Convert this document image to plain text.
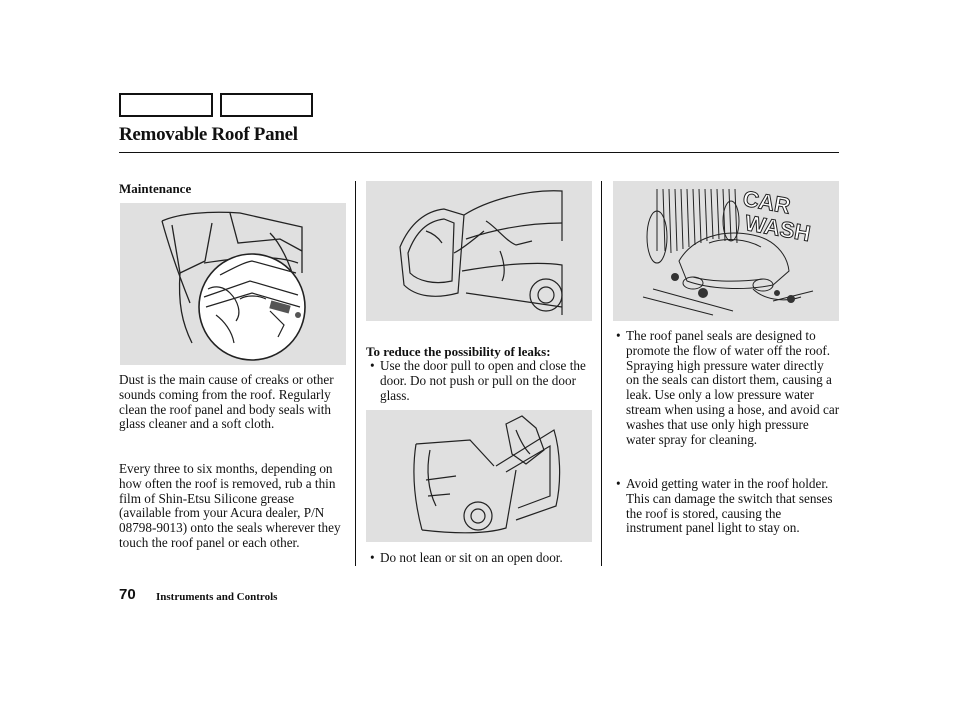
Removable Roof Panel
Maintenance
Dust is the main cause of creaks or other sounds coming from the roof. Regularly clean the roof panel and body seals with glass cleaner and a soft cloth.
Every three to six months, depending on how often the roof is removed, rub a thin film of Shin-Etsu Silicone grease (available from your Acura dealer, P/N 08798-9013) onto the seals wherever they touch the roof panel or each other.
To reduce the possibility of leaks:
• Use the door pull to open and close the door. Do not push or pull on the door glass.
• Do not lean or sit on an open door.
CAR
WASH
• The roof panel seals are designed to promote the flow of water off the roof. Spraying high pressure water directly on the seals can distort them, causing a leak. Use only a low pressure water stream when using a hose, and avoid car washes that use only high pressure water spray for cleaning.
• Avoid getting water in the roof holder. This can damage the switch that senses the roof is stored, causing the instrument panel light to stay on.
70 Instruments and Controls
